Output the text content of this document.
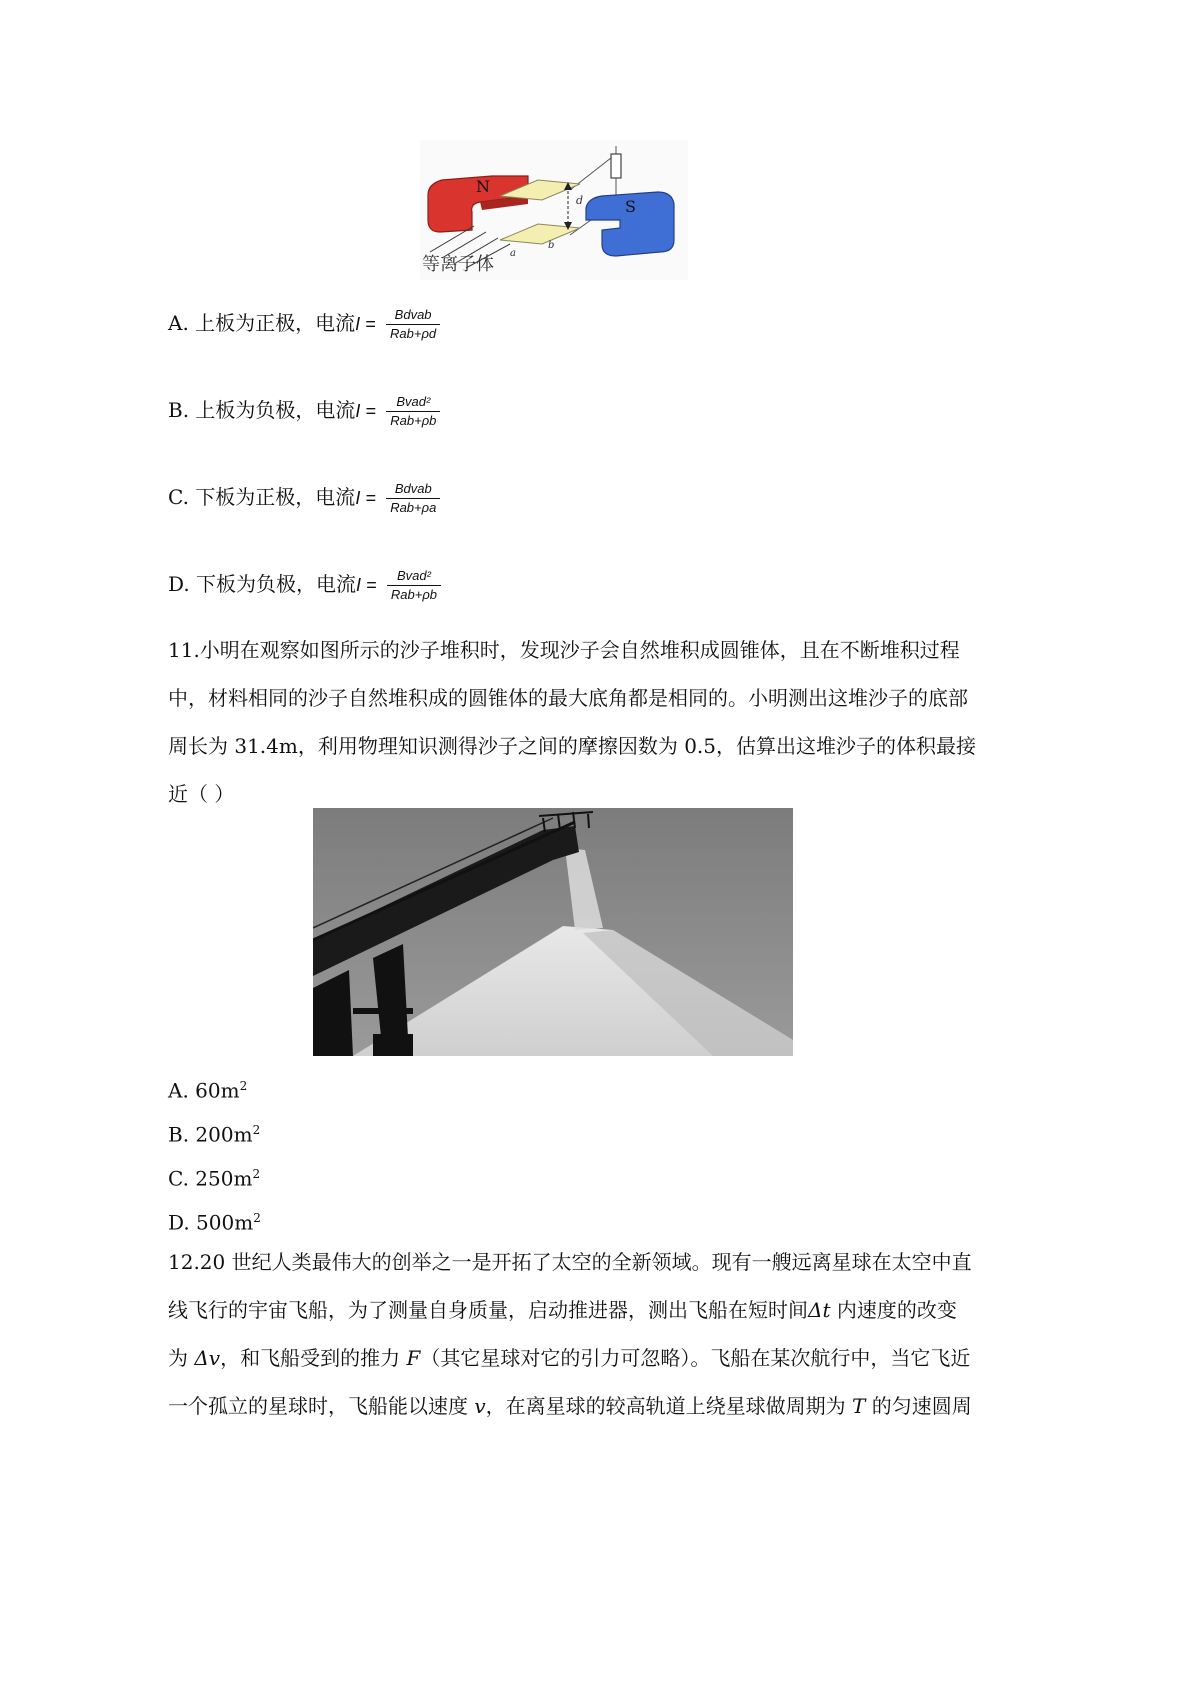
N
S
d
a
b
等离子体
A. 上板为正极，电流$I = \frac{\text{Bdvab}}{\text{Rab+ρd}}$
B. 上板为负极，电流$I = \frac{\text{Bvad²}}{\text{Rab+ρb}}$
C. 下板为正极，电流$I = \frac{\text{Bdvab}}{\text{Rab+ρa}}$
D. 下板为负极，电流$I = \frac{\text{Bvad²}}{\text{Rab+ρb}}$
11.小明在观察如图所示的沙子堆积时，发现沙子会自然堆积成圆锥体，且在不断堆积过程
中，材料相同的沙子自然堆积成的圆锥体的最大底角都是相同的。小明测出这堆沙子的底部
周长为 31.4m，利用物理知识测得沙子之间的摩擦因数为 0.5，估算出这堆沙子的体积最接
近（ ）
A. $60m^2$
B. $200m^2$
C. $250m^2$
D. $500m^2$
12.20 世纪人类最伟大的创举之一是开拓了太空的全新领域。现有一艘远离星球在太空中直
线飞行的宇宙飞船，为了测量自身质量，启动推进器，测出飞船在短时间Δt 内速度的改变
为 Δv，和飞船受到的推力 F（其它星球对它的引力可忽略）。飞船在某次航行中，当它飞近
一个孤立的星球时，飞船能以速度 v，在离星球的较高轨道上绕星球做周期为 T 的匀速圆周
